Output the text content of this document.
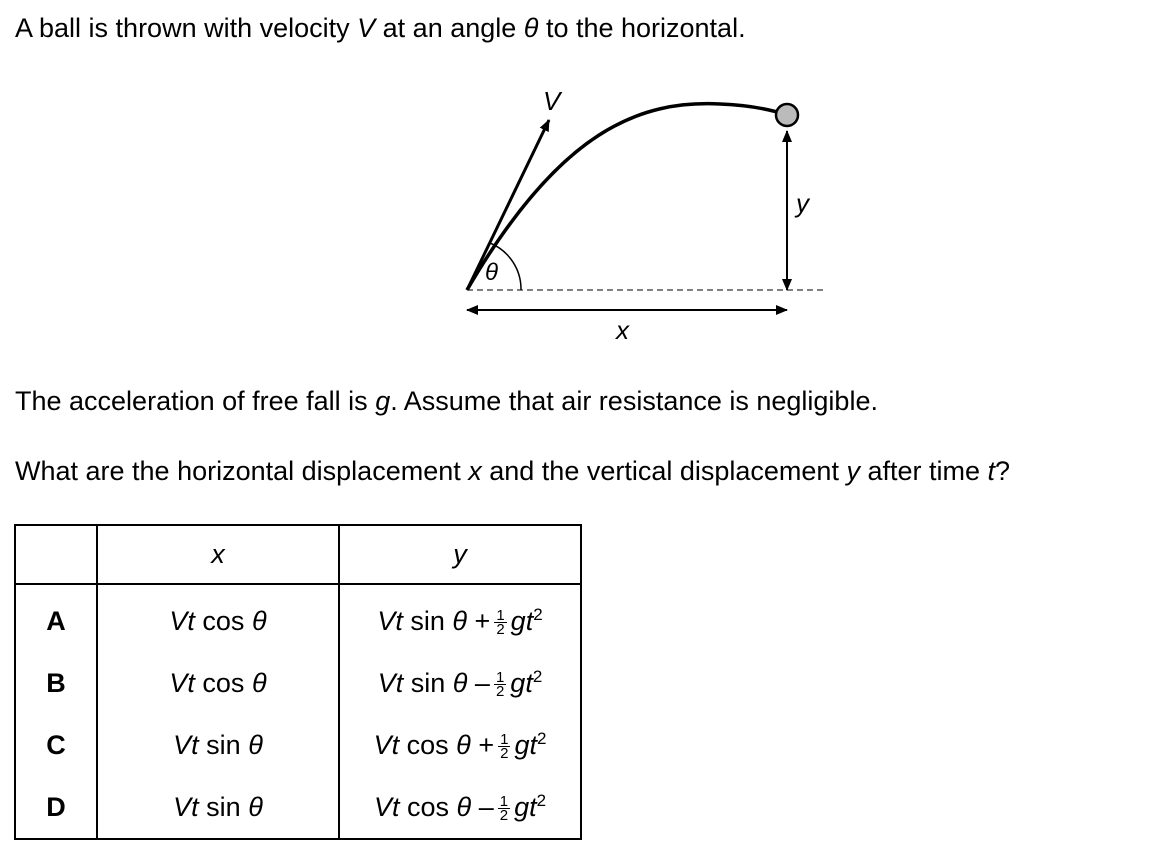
A ball is thrown with velocity V at an angle θ to the horizontal.

V
θ
y
x

The acceleration of free fall is g. Assume that air resistance is negligible.

What are the horizontal displacement x and the vertical displacement y after time t?

	x	y
A	Vt cos θ	Vt $\sin \theta + \frac{1}{2} gt^2$
B	Vt cos θ	Vt sin θ – $\frac{1}{2} gt^2$
C	Vt sin θ	Vt $\cos \theta + \frac{1}{2} gt^2$
D	Vt sin θ	Vt cos θ – $\frac{1}{2} gt^2$
